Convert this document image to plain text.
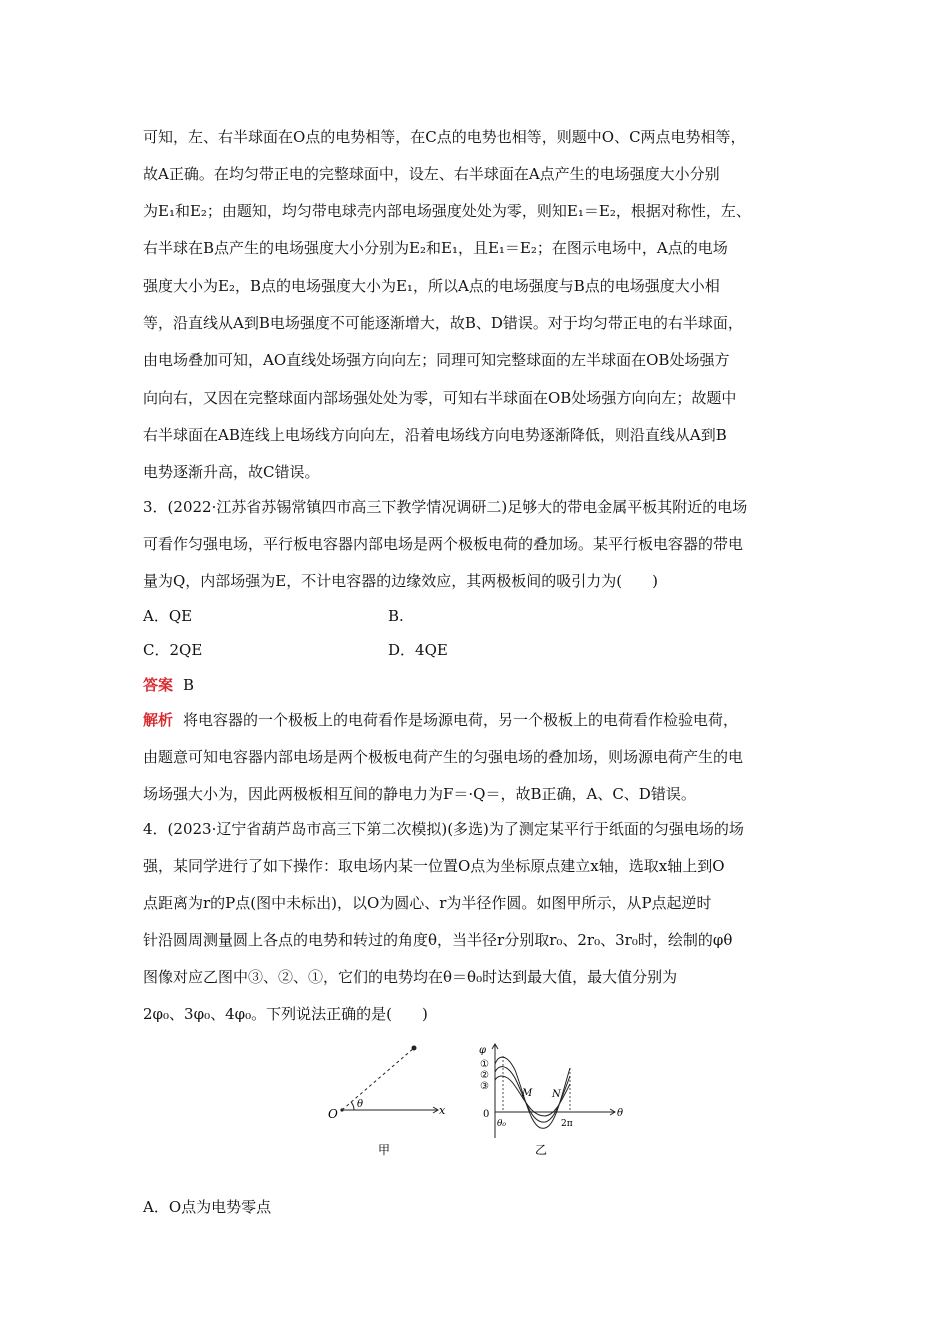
可知，左、右半球面在O点的电势相等，在C点的电势也相等，则题中O、C两点电势相等，
故A正确。在均匀带正电的完整球面中，设左、右半球面在A点产生的电场强度大小分别
为E₁和E₂；由题知，均匀带电球壳内部电场强度处处为零，则知E₁＝E₂，根据对称性，左、
右半球在B点产生的电场强度大小分别为E₂和E₁，且E₁＝E₂；在图示电场中，A点的电场
强度大小为E₂，B点的电场强度大小为E₁，所以A点的电场强度与B点的电场强度大小相
等，沿直线从A到B电场强度不可能逐渐增大，故B、D错误。对于均匀带正电的右半球面，
由电场叠加可知，AO直线处场强方向向左；同理可知完整球面的左半球面在OB处场强方
向向右，又因在完整球面内部场强处处为零，可知右半球面在OB处场强方向向左；故题中
右半球面在AB连线上电场线方向向左，沿着电场线方向电势逐渐降低，则沿直线从A到B
电势逐渐升高，故C错误。
3．(2022·江苏省苏锡常镇四市高三下教学情况调研二)足够大的带电金属平板其附近的电场
可看作匀强电场，平行板电容器内部电场是两个极板电荷的叠加场。某平行板电容器的带电
量为Q，内部场强为E，不计电容器的边缘效应，其两极板间的吸引力为(　　)
A．QE	B.
C．2QE	D．4QE
答案 B
解析 将电容器的一个极板上的电荷看作是场源电荷，另一个极板上的电荷看作检验电荷，
由题意可知电容器内部电场是两个极板电荷产生的匀强电场的叠加场，则场源电荷产生的电
场场强大小为，因此两极板相互间的静电力为F＝·Q＝，故B正确，A、C、D错误。
4．(2023·辽宁省葫芦岛市高三下第二次模拟)(多选)为了测定某平行于纸面的匀强电场的场
强，某同学进行了如下操作：取电场内某一位置O点为坐标原点建立x轴，选取x轴上到O
点距离为r的P点(图中未标出)，以O为圆心、r为半径作圆。如图甲所示，从P点起逆时
针沿圆周测量圆上各点的电势和转过的角度θ，当半径r分别取r₀、2r₀、3r₀时，绘制的φθ
图像对应乙图中③、②、①，它们的电势均在θ＝θ₀时达到最大值，最大值分别为
2φ₀、3φ₀、4φ₀。下列说法正确的是(　　)
O
θ	x
甲
φ
①
②
③
0
θ₀	2π
M N
θ
乙
A．O点为电势零点
